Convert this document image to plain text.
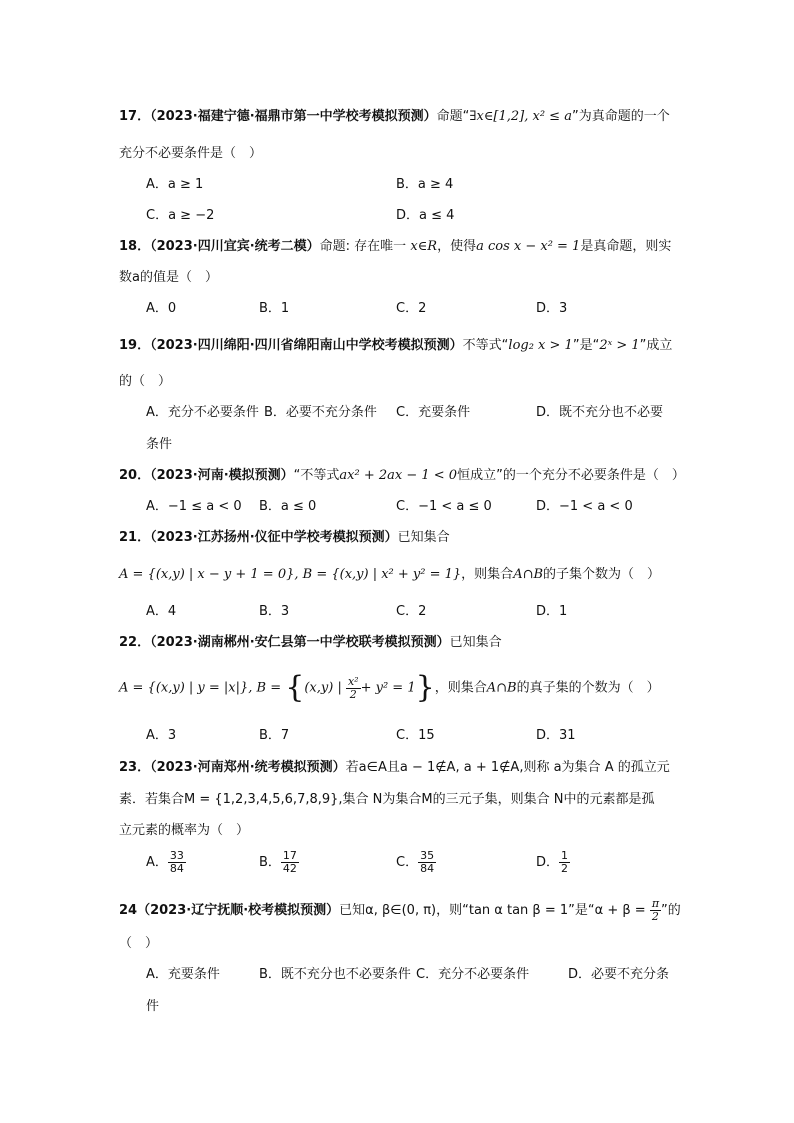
17．（2023·福建宁德·福鼎市第一中学校考模拟预测）命题“∃x∈[1,2], x² ≤ a”为真命题的一个
充分不必要条件是（　）
A．a ≥ 1	B．a ≥ 4
C．a ≥ −2	D．a ≤ 4
18．（2023·四川宜宾·统考二模）命题: 存在唯一 x∈R，使得a cos x − x² = 1是真命题，则实
数a的值是（　）
A．0	B．1	C．2	D．3
19．（2023·四川绵阳·四川省绵阳南山中学校考模拟预测）不等式“log₂ x > 1”是“2ˣ > 1”成立
的（　）
A．充分不必要条件 B．必要不充分条件 C．充要条件	D．既不充分也不必要
条件
20．（2023·河南·模拟预测）“不等式ax² + 2ax − 1 < 0恒成立”的一个充分不必要条件是（　）
A．−1 ≤ a < 0 B．a ≤ 0	C．−1 < a ≤ 0	D．−1 < a < 0
21．（2023·江苏扬州·仪征中学校考模拟预测）已知集合
A = {(x,y) | x − y + 1 = 0}, B = {(x,y) | x² + y² = 1}，则集合A∩B的子集个数为（　）
A．4	B．3	C．2	D．1
22．（2023·湖南郴州·安仁县第一中学校联考模拟预测）已知集合
A = {(x,y) | y = |x|}, B = {(x,y) | $\frac{\text{x²}}{2} + y^2 = 1$}，则集合A∩B的真子集的个数为（　）
A．3	B．7	C．15	D．31
23．（2023·河南郑州·统考模拟预测）若a∈A且a − 1∉A, a + 1∉A,则称 a为集合 A 的孤立元
素．若集合M = {1,2,3,4,5,6,7,8,9},集合 N为集合M的三元子集，则集合 N中的元素都是孤
立元素的概率为（　）
A． $\frac{33}{84}$	B． $\frac{17}{42}$	C． $\frac{35}{84}$	D． $\frac{1}{2}$
24（2023·辽宁抚顺·校考模拟预测）已知α, β∈(0, π)，则“tan α tan β = 1”是“$\alpha + \beta = \frac{\pi}{2}$ ”的
（　）
A．充要条件	B．既不充分也不必要条件 C．充分不必要条件	D．必要不充分条
件
